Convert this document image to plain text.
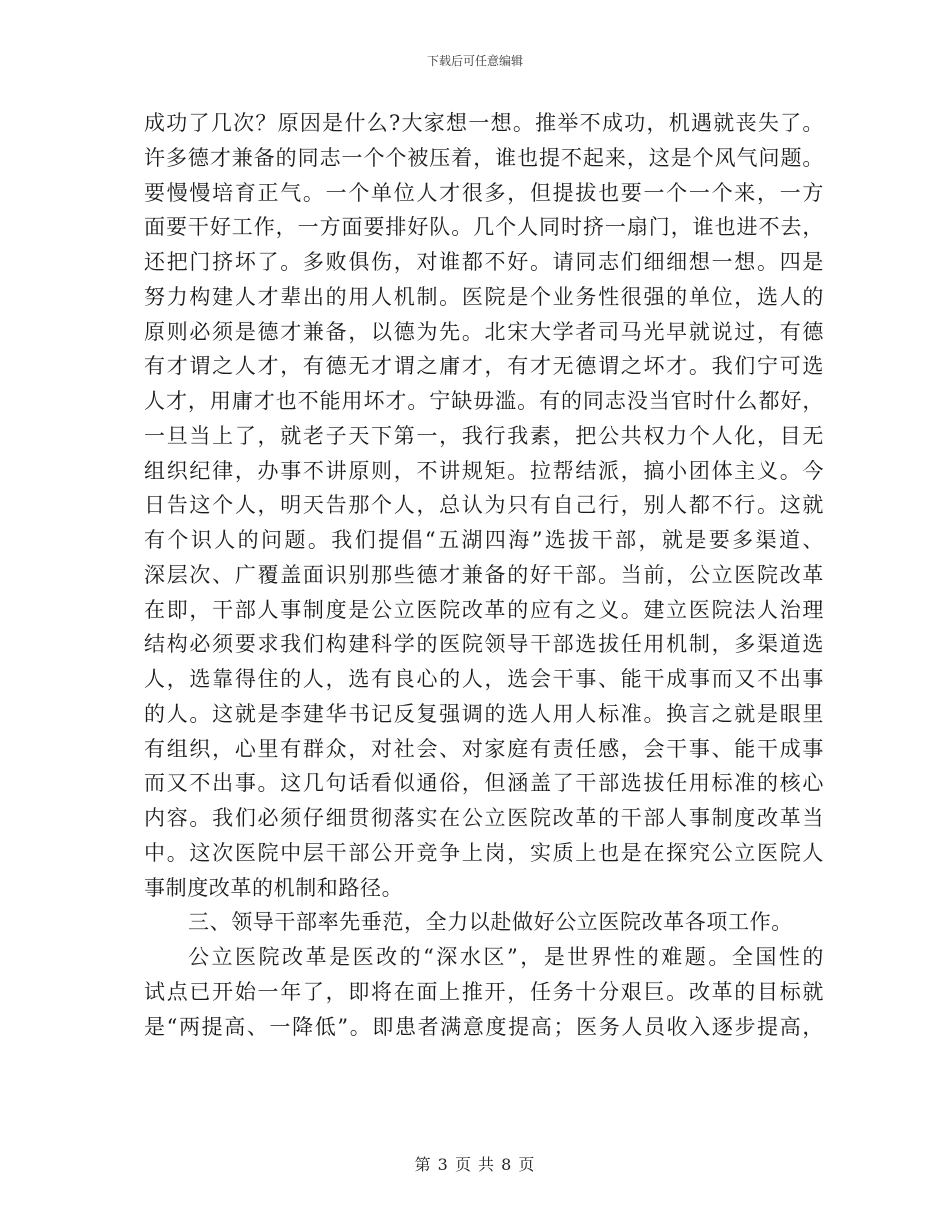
下载后可任意编辑
成功了几次？原因是什么?大家想一想。推举不成功，机遇就丧失了。
许多德才兼备的同志一个个被压着，谁也提不起来，这是个风气问题。
要慢慢培育正气。一个单位人才很多，但提拔也要一个一个来，一方
面要干好工作，一方面要排好队。几个人同时挤一扇门，谁也进不去，
还把门挤坏了。多败俱伤，对谁都不好。请同志们细细想一想。四是
努力构建人才辈出的用人机制。医院是个业务性很强的单位，选人的
原则必须是德才兼备，以德为先。北宋大学者司马光早就说过，有德
有才谓之人才，有德无才谓之庸才，有才无德谓之坏才。我们宁可选
人才，用庸才也不能用坏才。宁缺毋滥。有的同志没当官时什么都好，
一旦当上了，就老子天下第一，我行我素，把公共权力个人化，目无
组织纪律，办事不讲原则，不讲规矩。拉帮结派，搞小团体主义。今
日告这个人，明天告那个人，总认为只有自己行，别人都不行。这就
有个识人的问题。我们提倡“五湖四海”选拔干部，就是要多渠道、
深层次、广覆盖面识别那些德才兼备的好干部。当前，公立医院改革
在即，干部人事制度是公立医院改革的应有之义。建立医院法人治理
结构必须要求我们构建科学的医院领导干部选拔任用机制，多渠道选
人，选靠得住的人，选有良心的人，选会干事、能干成事而又不出事
的人。这就是李建华书记反复强调的选人用人标准。换言之就是眼里
有组织，心里有群众，对社会、对家庭有责任感，会干事、能干成事
而又不出事。这几句话看似通俗，但涵盖了干部选拔任用标准的核心
内容。我们必须仔细贯彻落实在公立医院改革的干部人事制度改革当
中。这次医院中层干部公开竞争上岗，实质上也是在探究公立医院人
事制度改革的机制和路径。
三、领导干部率先垂范，全力以赴做好公立医院改革各项工作。
公立医院改革是医改的“深水区”，是世界性的难题。全国性的
试点已开始一年了，即将在面上推开，任务十分艰巨。改革的目标就
是“两提高、一降低”。即患者满意度提高；医务人员收入逐步提高，
第 3 页 共 8 页
